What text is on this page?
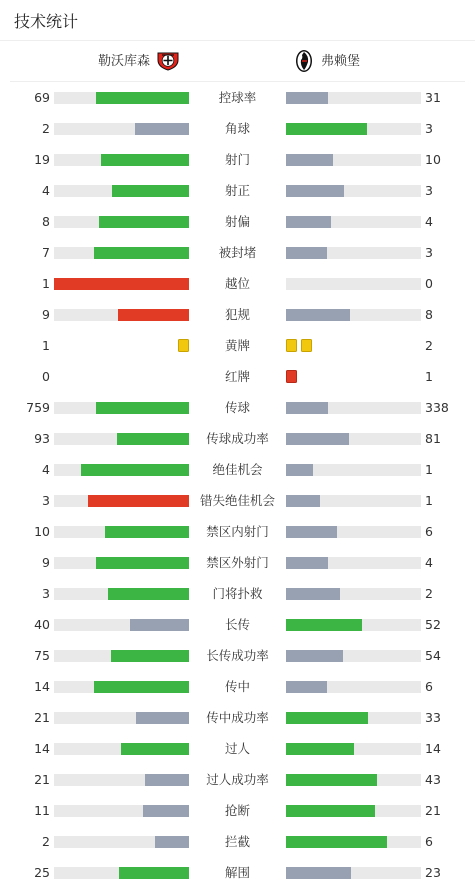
技术统计
勒沃库森	弗赖堡
69	控球率	31
2	角球	3
19	射门	10
4	射正	3
8	射偏	4
7	被封堵	3
1	越位	0
9	犯规	8
1	黄牌	2
0	红牌	1
759	传球	338
93	传球成功率	81
4	绝佳机会	1
3	错失绝佳机会	1
10	禁区内射门	6
9	禁区外射门	4
3	门将扑救	2
40	长传	52
75	长传成功率	54
14	传中	6
21	传中成功率	33
14	过人	14
21	过人成功率	43
11	抢断	21
2	拦截	6
25	解围	23
